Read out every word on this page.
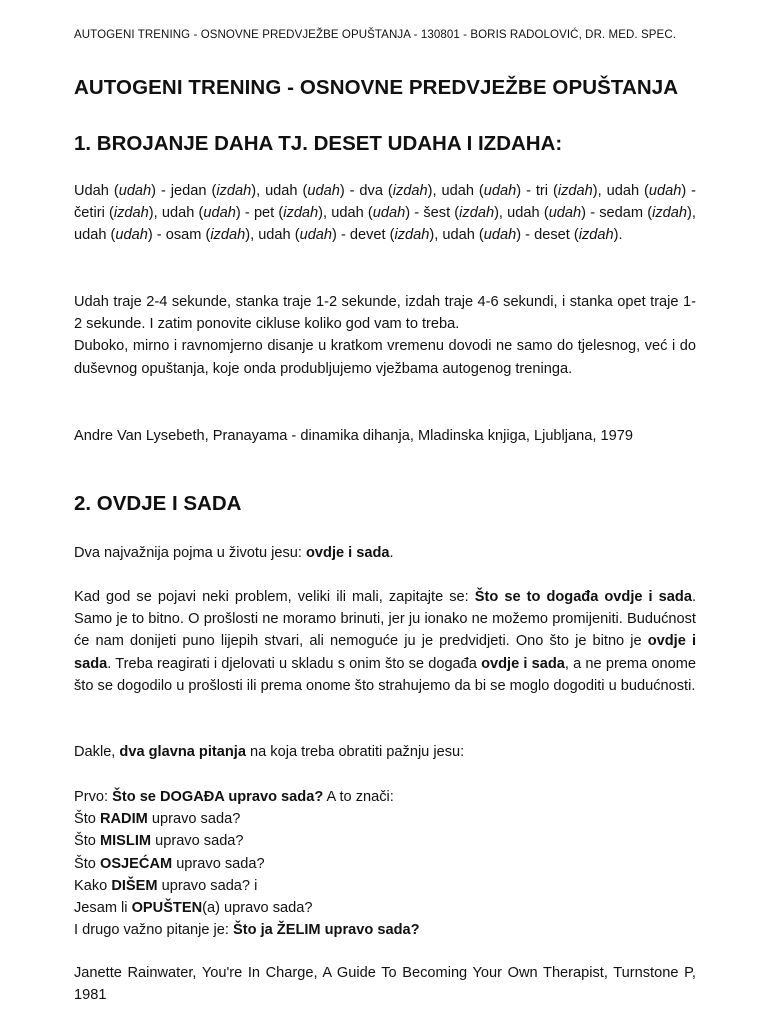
AUTOGENI TRENING - OSNOVNE PREDVJEŽBE OPUŠTANJA - 130801 - BORIS RADOLOVIĆ, DR. MED. SPEC.
AUTOGENI TRENING - OSNOVNE PREDVJEŽBE OPUŠTANJA
1. BROJANJE DAHA TJ. DESET UDAHA I IZDAHA:

Udah (udah) - jedan (izdah), udah (udah) - dva (izdah), udah (udah) - tri (izdah), udah (udah) - četiri (izdah), udah (udah) - pet (izdah), udah (udah) - šest (izdah), udah (udah) - sedam (izdah), udah (udah) - osam (izdah), udah (udah) - devet (izdah), udah (udah) - deset (izdah).

Udah traje 2-4 sekunde, stanka traje 1-2 sekunde, izdah traje 4-6 sekundi, i stanka opet traje 1-2 sekunde. I zatim ponovite cikluse koliko god vam to treba.
Duboko, mirno i ravnomjerno disanje u kratkom vremenu dovodi ne samo do tjelesnog, već i do duševnog opuštanja, koje onda produbljujemo vježbama autogenog treninga.

Andre Van Lysebeth, Pranayama - dinamika dihanja, Mladinska knjiga, Ljubljana, 1979

2. OVDJE I SADA

Dva najvažnija pojma u životu jesu: ovdje i sada.

Kad god se pojavi neki problem, veliki ili mali, zapitajte se: Što se to događa ovdje i sada. Samo je to bitno. O prošlosti ne moramo brinuti, jer ju ionako ne možemo promijeniti. Budućnost će nam donijeti puno lijepih stvari, ali nemoguće ju je predvidjeti. Ono što je bitno je ovdje i sada. Treba reagirati i djelovati u skladu s onim što se događa ovdje i sada, a ne prema onome što se dogodilo u prošlosti ili prema onome što strahujemo da bi se moglo dogoditi u budućnosti.

Dakle, dva glavna pitanja na koja treba obratiti pažnju jesu:

Prvo: Što se DOGAĐA upravo sada? A to znači:
Što RADIM upravo sada?
Što MISLIM upravo sada?
Što OSJEĆAM upravo sada?
Kako DIŠEM upravo sada? i
Jesam li OPUŠTEN(a) upravo sada?
I drugo važno pitanje je: Što ja ŽELIM upravo sada?

Janette Rainwater, You're In Charge, A Guide To Becoming Your Own Therapist, Turnstone P, 1981
